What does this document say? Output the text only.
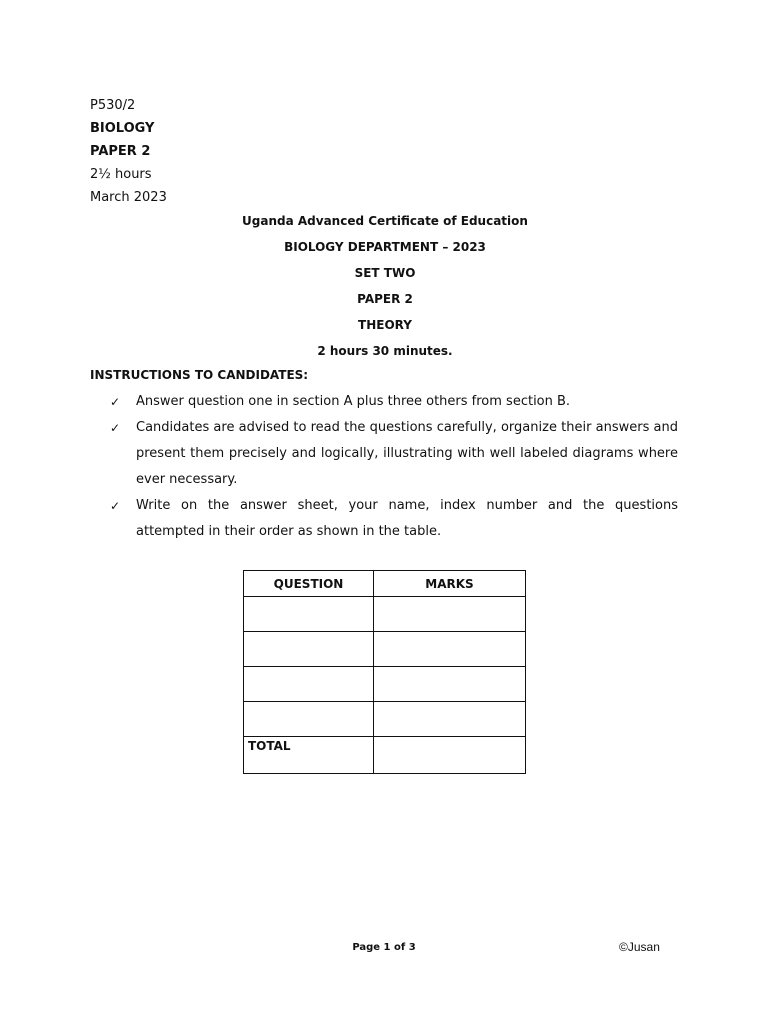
P530/2
BIOLOGY
PAPER 2
2½ hours
March 2023
Uganda Advanced Certificate of Education
BIOLOGY DEPARTMENT – 2023
SET TWO
PAPER 2
THEORY
2 hours 30 minutes.
INSTRUCTIONS TO CANDIDATES:
✓ Answer question one in section A plus three others from section B.
✓ Candidates are advised to read the questions carefully, organize their answers and present them precisely and logically, illustrating with well labeled diagrams where ever necessary.
✓ Write on the answer sheet, your name, index number and the questions attempted in their order as shown in the table.
QUESTION	MARKS

TOTAL	
Page 1 of 3	©Jusan
